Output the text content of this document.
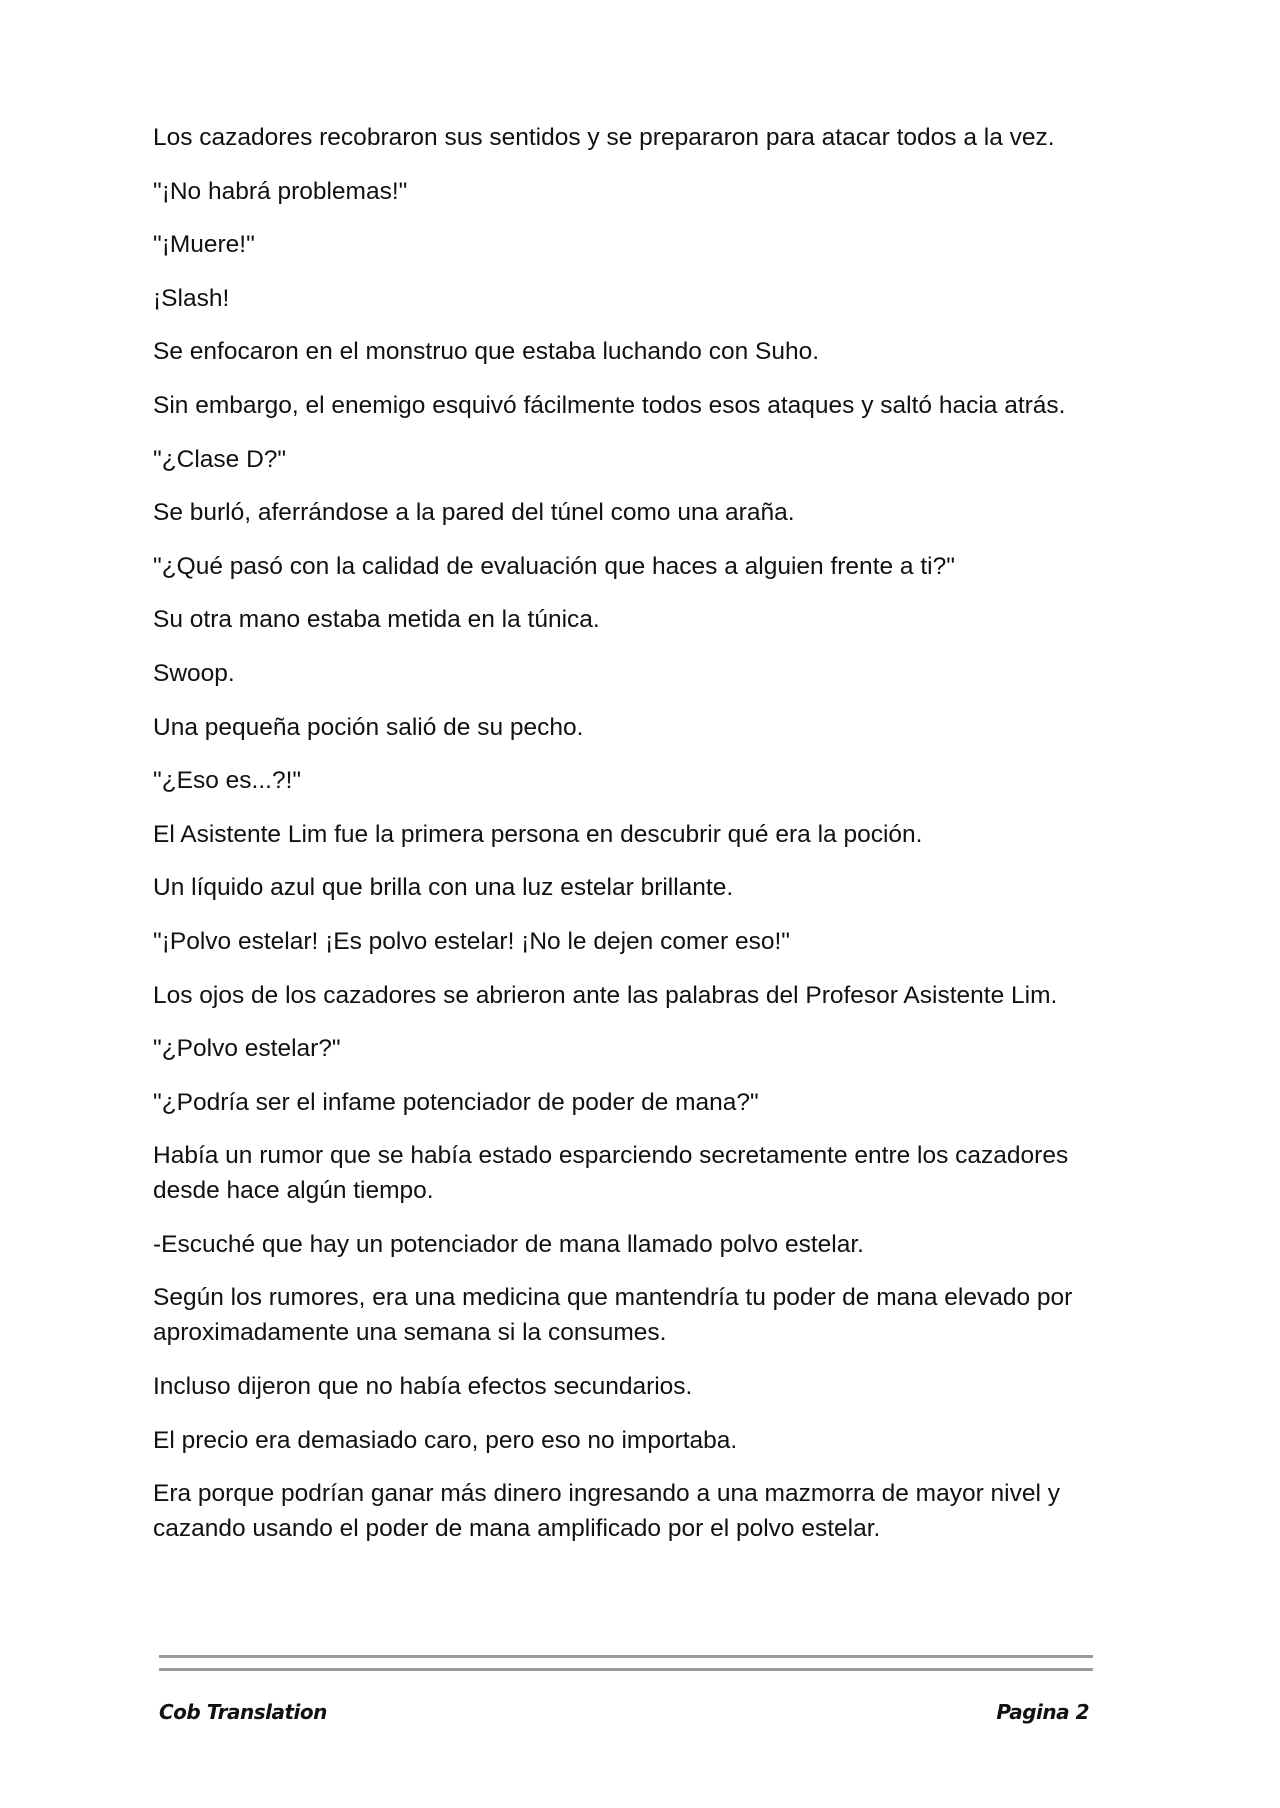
Los cazadores recobraron sus sentidos y se prepararon para atacar todos a la vez.

"¡No habrá problemas!"

"¡Muere!"

¡Slash!

Se enfocaron en el monstruo que estaba luchando con Suho.

Sin embargo, el enemigo esquivó fácilmente todos esos ataques y saltó hacia atrás.

"¿Clase D?"

Se burló, aferrándose a la pared del túnel como una araña.

"¿Qué pasó con la calidad de evaluación que haces a alguien frente a ti?"

Su otra mano estaba metida en la túnica.

Swoop.

Una pequeña poción salió de su pecho.

"¿Eso es...?!"

El Asistente Lim fue la primera persona en descubrir qué era la poción.

Un líquido azul que brilla con una luz estelar brillante.

"¡Polvo estelar! ¡Es polvo estelar! ¡No le dejen comer eso!"

Los ojos de los cazadores se abrieron ante las palabras del Profesor Asistente Lim.

"¿Polvo estelar?"

"¿Podría ser el infame potenciador de poder de mana?"

Había un rumor que se había estado esparciendo secretamente entre los cazadores desde hace algún tiempo.

-Escuché que hay un potenciador de mana llamado polvo estelar.

Según los rumores, era una medicina que mantendría tu poder de mana elevado por aproximadamente una semana si la consumes.

Incluso dijeron que no había efectos secundarios.

El precio era demasiado caro, pero eso no importaba.

Era porque podrían ganar más dinero ingresando a una mazmorra de mayor nivel y cazando usando el poder de mana amplificado por el polvo estelar.

Cob Translation	Pagina 2
